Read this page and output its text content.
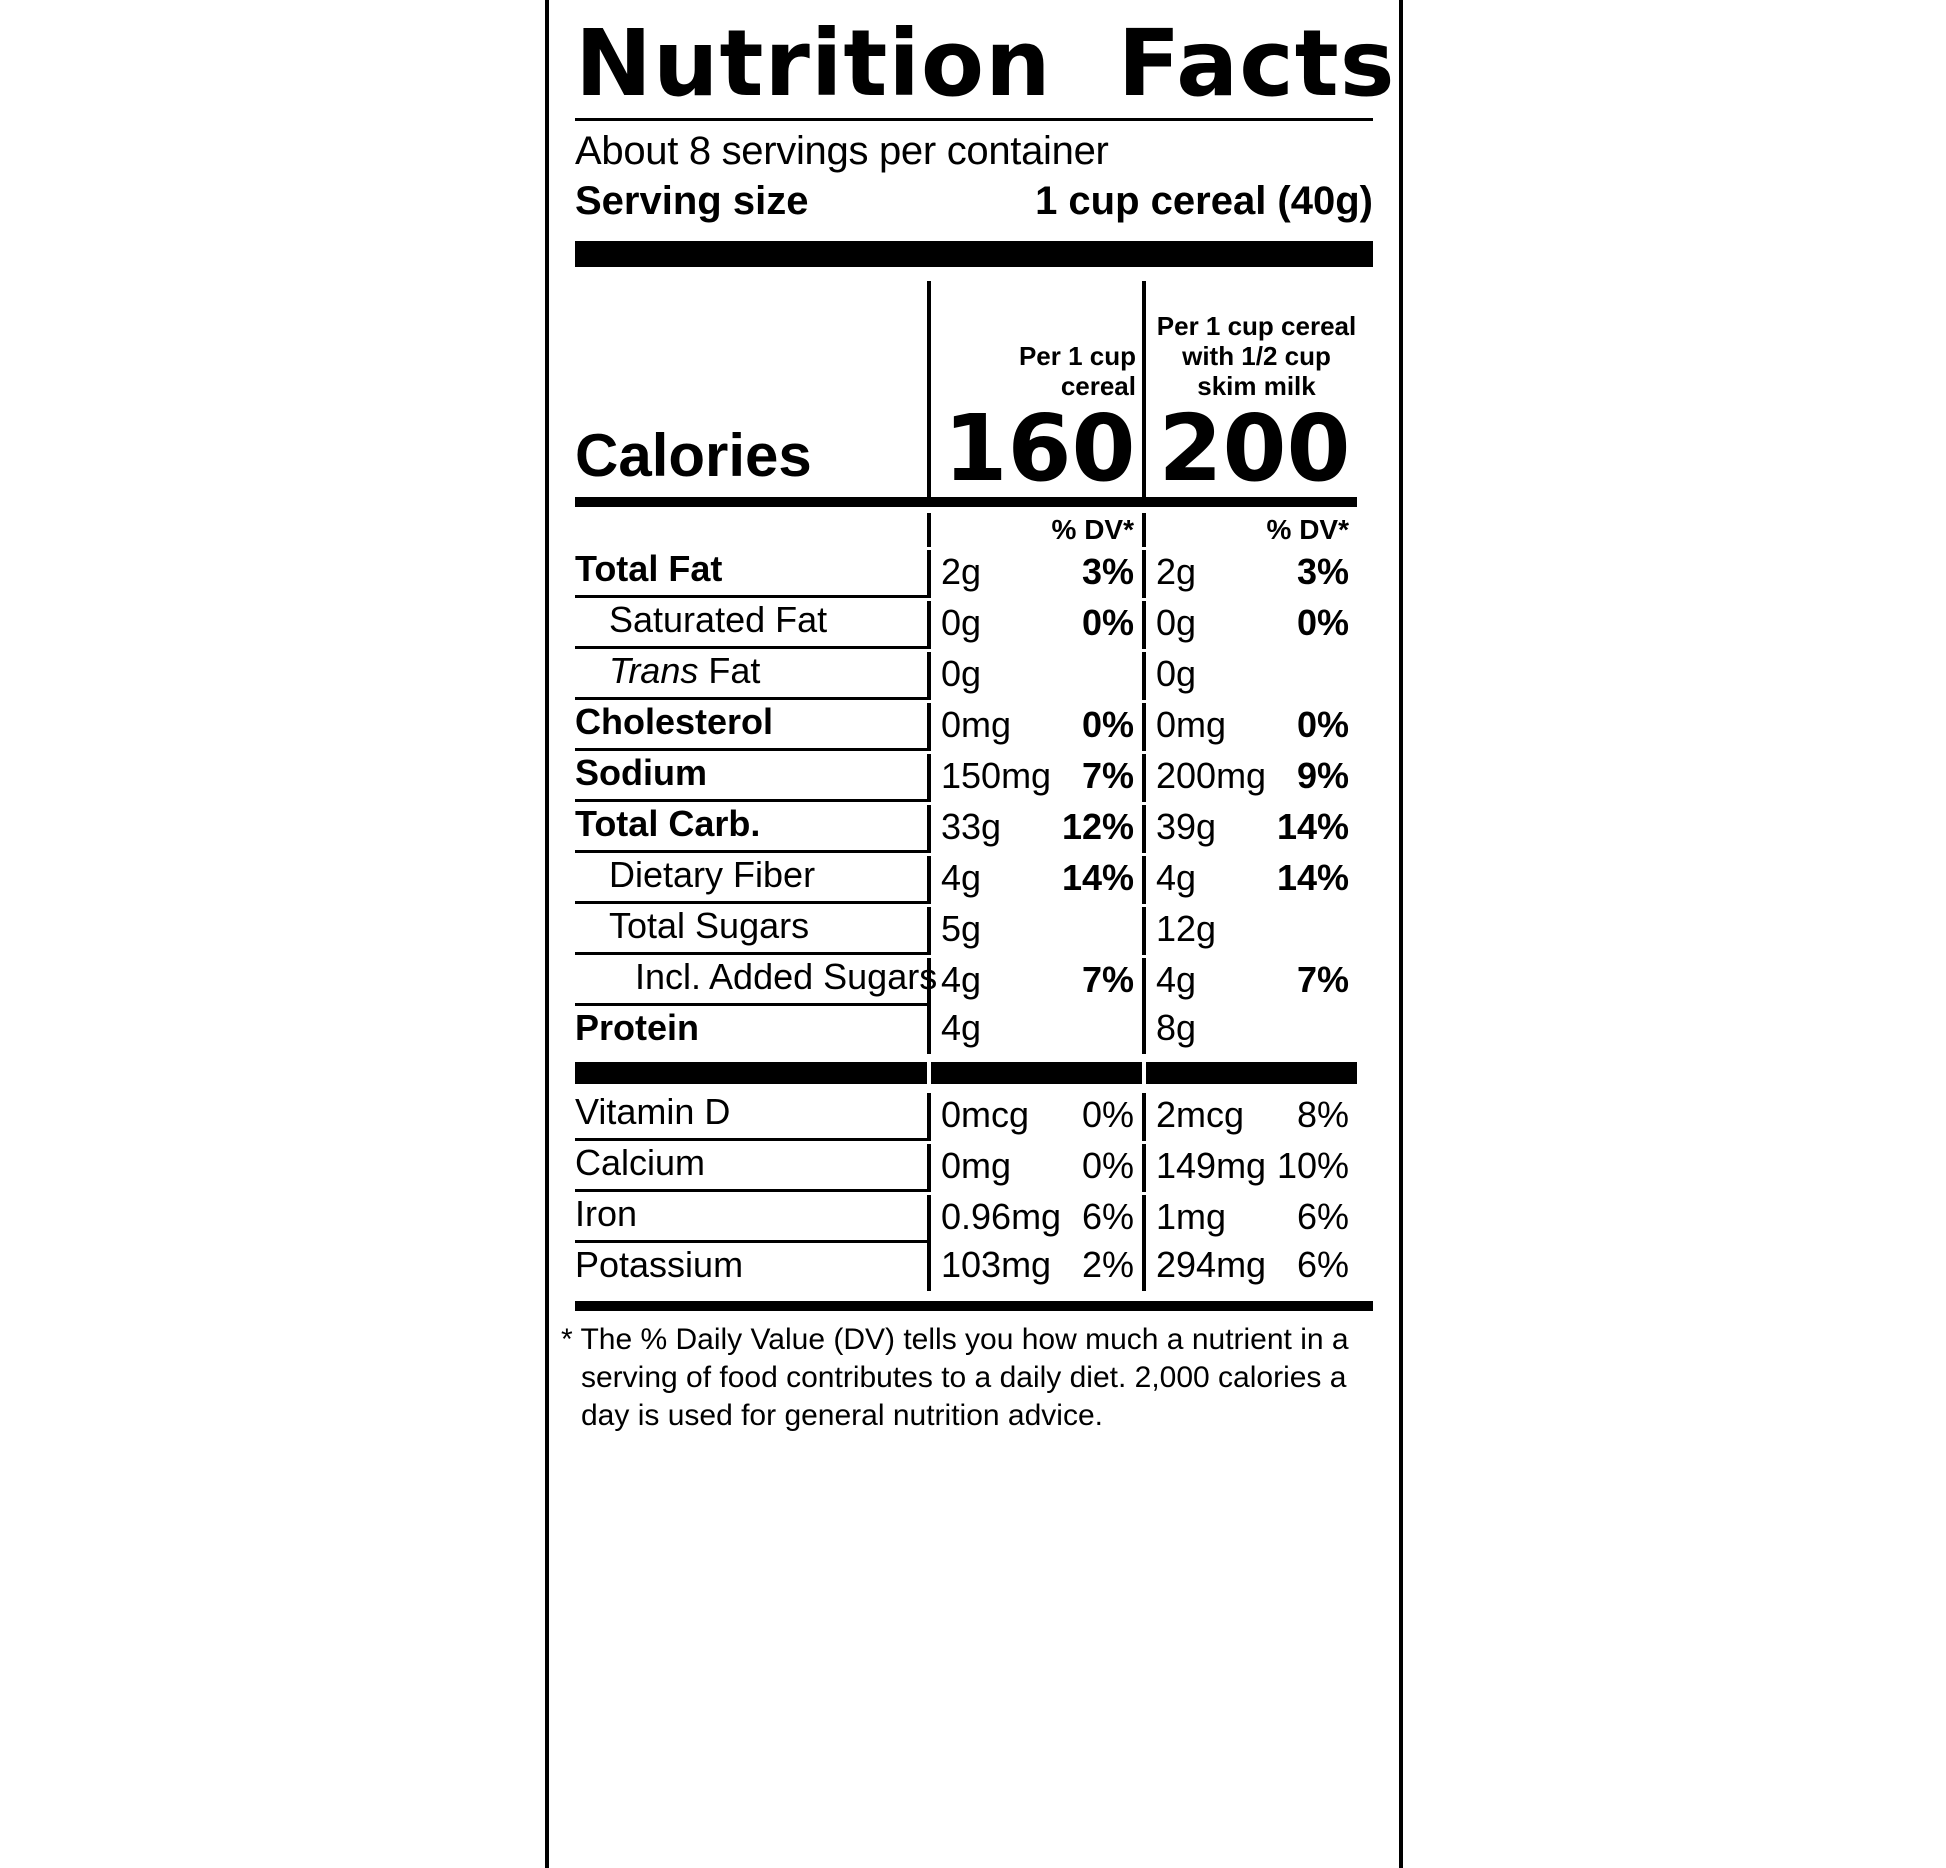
Nutrition  Facts
About 8 servings per container
Serving size	1 cup cereal (40g)
Per 1 cup
cereal
Per 1 cup cereal
with 1/2 cup
skim milk
Calories	160 200
% DV*	% DV*
Total Fat	2g	3% 2g	3%
Saturated Fat	0g	0% 0g	0%
Trans Fat	0g	0g
Cholesterol	0mg 0% 0mg 0%
Sodium	150mg 7% 200mg 9%
Total Carb.	33g 12% 39g 14%
Dietary Fiber	4g 14% 4g 14%
Total Sugars	5g	12g
Incl. Added Sugars 4g	7% 4g	7%
Protein	4g	8g
Vitamin D	0mcg 0% 2mcg 8%
Calcium	0mg 0% 149mg 10%
Iron	0.96mg 6% 1mg 6%
Potassium	103mg 2% 294mg 6%
* The % Daily Value (DV) tells you how much a nutrient in a serving of food contributes to a daily diet. 2,000 calories a day is used for general nutrition advice.
